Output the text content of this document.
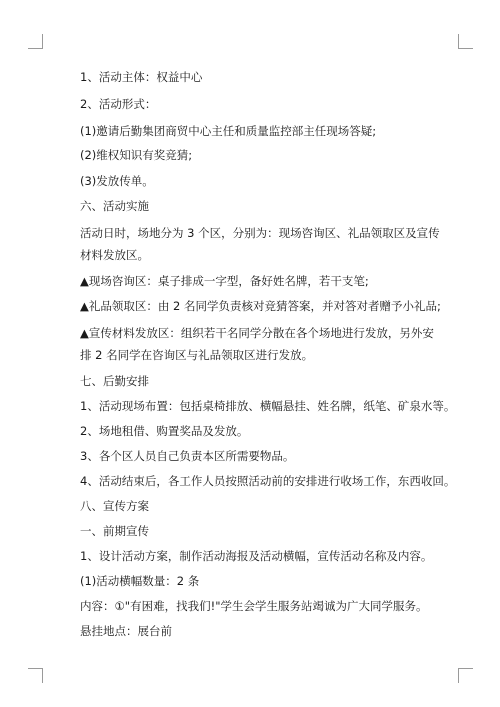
1、活动主体：权益中心
2、活动形式：
(1)邀请后勤集团商贸中心主任和质量监控部主任现场答疑;
(2)维权知识有奖竞猜;
(3)发放传单。
六、活动实施
活动日时，场地分为 3 个区，分别为：现场咨询区、礼品领取区及宣传材料发放区。
▲现场咨询区：桌子排成一字型，备好姓名牌，若干支笔;
▲礼品领取区：由 2 名同学负责核对竞猜答案，并对答对者赠予小礼品;
▲宣传材料发放区：组织若干名同学分散在各个场地进行发放，另外安排 2 名同学在咨询区与礼品领取区进行发放。
七、后勤安排
1、活动现场布置：包括桌椅排放、横幅悬挂、姓名牌，纸笔、矿泉水等。
2、场地租借、购置奖品及发放。
3、各个区人员自己负责本区所需要物品。
4、活动结束后，各工作人员按照活动前的安排进行收场工作，东西收回。
八、宣传方案
一、前期宣传
1、设计活动方案，制作活动海报及活动横幅，宣传活动名称及内容。
(1)活动横幅数量：2 条
内容：①"有困难，找我们!"学生会学生服务站竭诚为广大同学服务。
悬挂地点：展台前
